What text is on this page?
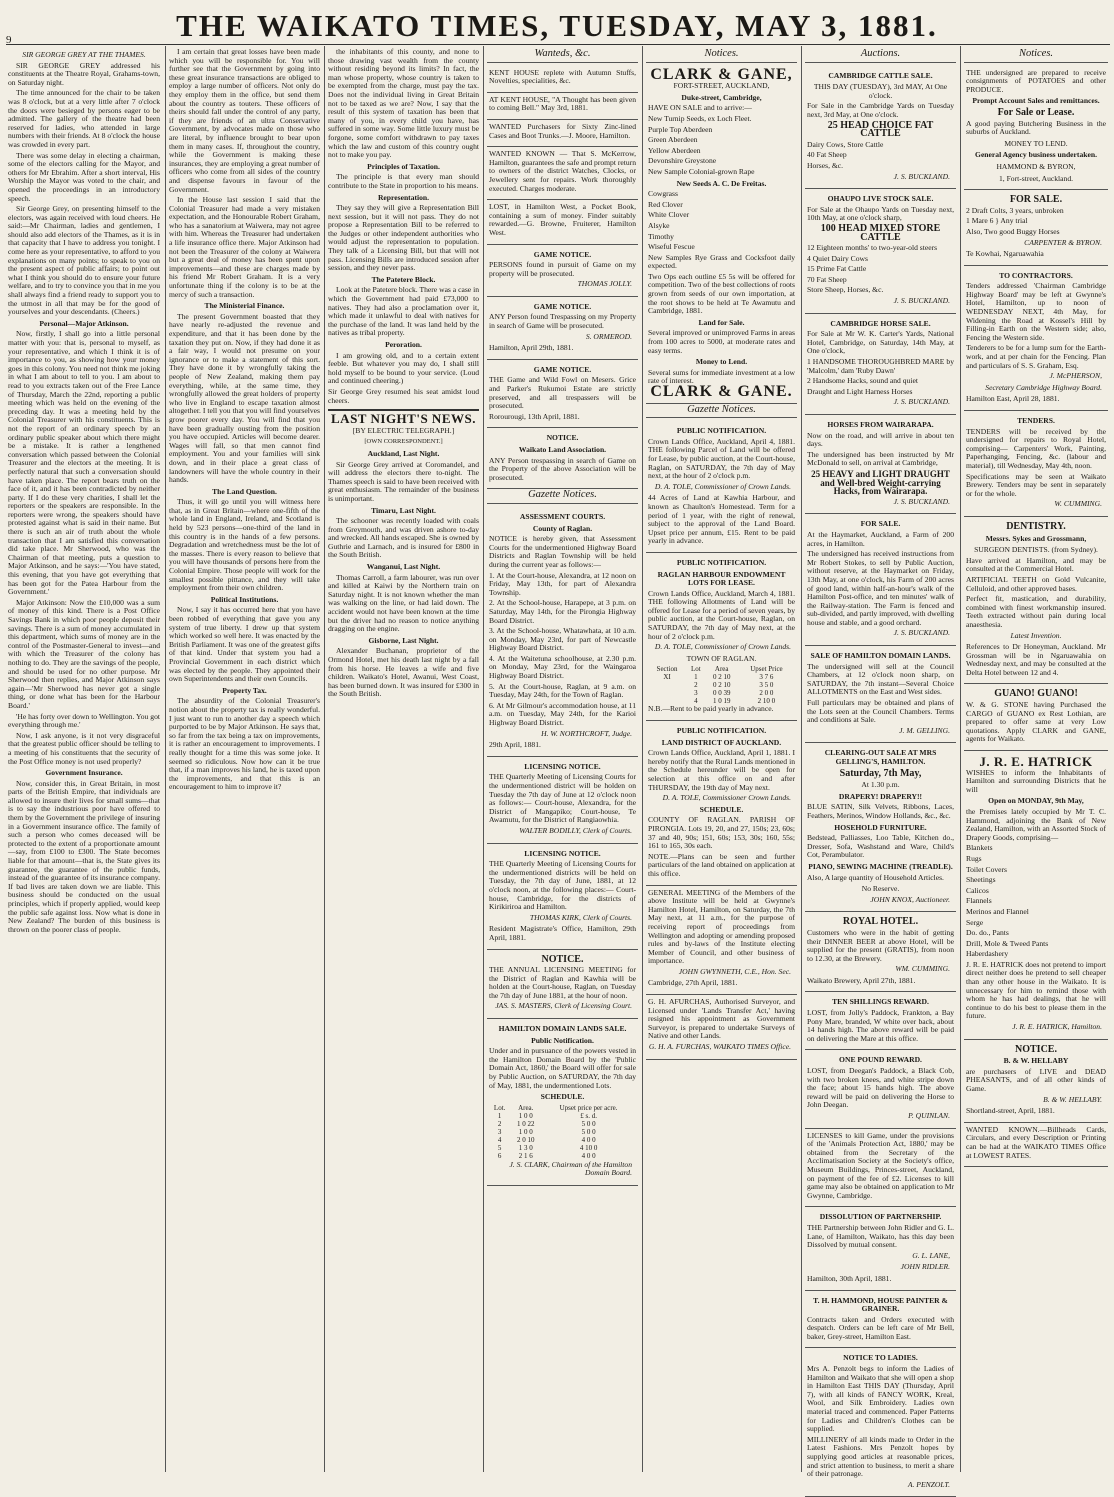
THE WAIKATO TIMES, TUESDAY, MAY 3, 1881.
9
SIR GEORGE GREY AT THE THAMES.

SIR GEORGE GREY addressed his constituents at the Theatre Royal, Grahams-town, on Saturday night.

The time announced for the chair to be taken was 8 o'clock, but at a very little after 7 o'clock the doors were besieged by persons eager to be admitted. The gallery of the theatre had been reserved for ladies, who attended in large numbers with their friends. At 8 o'clock the house was crowded in every part.

There was some delay in electing a chairman, some of the electors calling for the Mayor, and others for Mr Ebrahim. After a short interval, His Worship the Mayor was voted to the chair, and opened the proceedings in an introductory speech.

Sir George Grey, on presenting himself to the electors, was again received with loud cheers. He said:—Mr Chairman, ladies and gentlemen, I should also add electors of the Thames, as it is in that capacity that I have to address you tonight. I come here as your representative, to afford to you explanations on many points; to speak to you on the present aspect of public affairs; to point out what I think you should do to ensure your future welfare, and to try to convince you that in me you shall always find a friend ready to support you to the utmost in all that may be for the good of yourselves and your descendants. (Cheers.)

Personal—Major Atkinson.

Now, firstly, I shall go into a little personal matter with you: that is, personal to myself, as your representative, and which I think it is of importance to you, as showing how your money goes in this colony. You need not think me joking in what I am about to tell to you. I am about to read to you extracts taken out of the Free Lance of Thursday, March the 22nd, reporting a public meeting which was held on the evening of the preceding day. It was a meeting held by the Colonial Treasurer with his constituents. This is not the report of an ordinary speech by an ordinary public speaker about which there might be a mistake. It is rather a lengthened conversation which passed between the Colonial Treasurer and the electors at the meeting. It is perfectly natural that such a conversation should have taken place. The report bears truth on the face of it, and it has been contradicted by neither party. If I do these very charities, I shall let the reporters or the speakers are responsible. In the reporters were wrong, the speakers should have protested against what is said in their name. But there is such an air of truth about the whole transaction that I am satisfied this conversation did take place. Mr Sherwood, who was the Chairman of that meeting, puts a question to Major Atkinson, and he says:—'You have stated, this evening, that you have got everything that has been got for the Patea Harbour from the Government.'

Major Atkinson: Now the £10,000 was a sum of money of this kind. There is a Post Office Savings Bank in which poor people deposit their savings. There is a sum of money accumulated in this department, which sums of money are in the control of the Postmaster-General to invest—and with which the Treasurer of the colony has nothing to do. They are the savings of the people, and should be used for no other purpose. Mr Sherwood then replies, and Major Atkinson says again—'Mr Sherwood has never got a single thing, or done what has been for the Harbour Board.'

'He has forty over down to Wellington. You got everything through me.'

Now, I ask anyone, is it not very disgraceful that the greatest public officer should be telling to a meeting of his constituents that the security of the Post Office money is not used properly?

Government Insurance.

Now, consider this, in Great Britain, in most parts of the British Empire, that individuals are allowed to insure their lives for small sums—that is to say the industrious poor have offered to them by the Government the privilege of insuring in a Government insurance office. The family of such a person who comes deceased will be protected to the extent of a proportionate amount—say, from £100 to £300. The State becomes liable for that amount—that is, the State gives its guarantee, the guarantee of the public funds, instead of the guarantee of its insurance company. If bad lives are taken down we are liable. This business should be conducted on the usual principles, which if properly applied, would keep the public safe against loss. Now what is done in New Zealand? The burden of this business is thrown on the poorer class of people.

I am certain that great losses have been made which you will be responsible for. You will further see that the Government by going into these great insurance transactions are obliged to employ a large number of officers. Not only do they employ them in the office, but send them about the country as touters. These officers of theirs should fall under the control of any party, if they are friends of an ultra Conservative Government, by advocates made on those who are literal, by influence brought to bear upon them in many cases. If, throughout the country, while the Government is making these insurances, they are employing a great number of officers who come from all sides of the country and dispense favours in favour of the Government.

In the House last session I said that the Colonial Treasurer had made a very mistaken expectation, and the Honourable Robert Graham, who has a sanatorium at Waiwera, may not agree with him. Whereas the Treasurer had undertaken a life insurance office there. Major Atkinson had not been the Treasurer of the colony at Waiwera but a great deal of money has been spent upon improvements—and these are charges made by his friend Mr Robert Graham. It is a very unfortunate thing if the colony is to be at the mercy of such a transaction.

The Ministerial Finance.

The present Government boasted that they have nearly re-adjusted the revenue and expenditure, and that it has been done by the taxation they put on. Now, if they had done it as a fair way, I would not presume on your ignorance or to make a statement of this sort. They have done it by wrongfully taking the people of New Zealand, making them pay everything, while, at the same time, they wrongfully allowed the great holders of property who live in England to escape taxation almost altogether. I tell you that you will find yourselves grow poorer every day. You will find that you have been gradually ousting from the position you have occupied. Articles will become dearer. Wages will fall, so that men cannot find employment. You and your families will sink down, and in their place a great class of landowners will have the whole country in their hands.

The Land Question.

Thus, it will go until you will witness here that, as in Great Britain—where one-fifth of the whole land in England, Ireland, and Scotland is held by 523 persons—one-third of the land in this country is in the hands of a few persons. Degradation and wretchedness must be the lot of the masses. There is every reason to believe that you will have thousands of persons here from the Colonial Empire. Those people will work for the smallest possible pittance, and they will take employment from their own children.

Political Institutions.

Now, I say it has occurred here that you have been robbed of everything that gave you any system of true liberty. I drew up that system which worked so well here. It was enacted by the British Parliament. It was one of the greatest gifts of that kind. Under that system you had a Provincial Government in each district which was elected by the people. They appointed their own Superintendents and their own Councils.

Property Tax.

The absurdity of the Colonial Treasurer's notion about the property tax is really wonderful. I just want to run to another day a speech which purported to be by Major Atkinson. He says that, so far from the tax being a tax on improvements, it is rather an encouragement to improvements. I really thought for a time this was some joke. It seemed so ridiculous. Now how can it be true that, if a man improves his land, he is taxed upon the improvements, and that this is an encouragement to him to improve it?

the inhabitants of this county, and none to those drawing vast wealth from the county without residing beyond its limits? In fact, the man whose property, whose country is taken to be exempted from the charge, must pay the tax. Does not the individual living in Great Britain not to be taxed as we are? Now, I say that the result of this system of taxation has been that many of you, in every child you have, has suffered in some way. Some little luxury must be forgone, some comfort withdrawn to pay taxes which the law and custom of this country ought not to make you pay.

Principles of Taxation.

The principle is that every man should contribute to the State in proportion to his means.

Representation.

They say they will give a Representation Bill next session, but it will not pass. They do not propose a Representation Bill to be referred to the Judges or other independent authorities who would adjust the representation to population. They talk of a Licensing Bill, but that will not pass. Licensing Bills are introduced session after session, and they never pass.

The Patetere Block.

Look at the Patetere block. There was a case in which the Government had paid £73,000 to natives. They had also a proclamation over it, which made it unlawful to deal with natives for the purchase of the land. It was land held by the natives as tribal property.

Peroration.

I am growing old, and to a certain extent feeble. But whatever you may do, I shall still hold myself to be bound to your service. (Loud and continued cheering.)

Sir George Grey resumed his seat amidst loud cheers.

LAST NIGHT'S NEWS.
[BY ELECTRIC TELEGRAPH.]
[OWN CORRESPONDENT.]
Auckland, Last Night.

Sir George Grey arrived at Coromandel, and will address the electors there to-night. The Thames speech is said to have been received with great enthusiasm. The remainder of the business is unimportant.

Timaru, Last Night.

The schooner was recently loaded with coals from Greymouth, and was driven ashore to-day and wrecked. All hands escaped. She is owned by Guthrie and Larnach, and is insured for £800 in the South British.

Wanganui, Last Night.

Thomas Carroll, a farm labourer, was run over and killed at Kaiwi by the Northern train on Saturday night. It is not known whether the man was walking on the line, or had laid down. The accident would not have been known at the time but the driver had no reason to notice anything dragging on the engine.

Gisborne, Last Night.

Alexander Buchanan, proprietor of the Ormond Hotel, met his death last night by a fall from his horse. He leaves a wife and five children. Waikato's Hotel, Awanui, West Coast, has been burned down. It was insured for £300 in the South British.

Wanteds, &c.

KENT HOUSE replete with Autumn Stuffs, Novelties, specialities, &c.

AT KENT HOUSE, "A Thought has been given to coming Bell." May 3rd, 1881.

WANTED Purchasers for Sixty Zinc-lined Cases and Boot Trunks.—J. Moore, Hamilton.

WANTED KNOWN — That S. McKerrow, Hamilton, guarantees the safe and prompt return to owners of the district Watches, Clocks, or Jewellery sent for repairs. Work thoroughly executed. Charges moderate.

LOST, in Hamilton West, a Pocket Book, containing a sum of money. Finder suitably rewarded.—G. Browne, Fruiterer, Hamilton West.

GAME NOTICE.

PERSONS found in pursuit of Game on my property will be prosecuted.

THOMAS JOLLY.
GAME NOTICE.

ANY Person found Trespassing on my Property in search of Game will be prosecuted.

S. ORMEROD.

Hamilton, April 29th, 1881.

GAME NOTICE.

THE Game and Wild Fowl on Mesers. Grice and Parker's Rukumoi Estate are strictly preserved, and all trespassers will be prosecuted.

Rorourougi, 13th April, 1881.

NOTICE.
Waikato Land Association.

ANY Person trespassing in search of Game on the Property of the above Association will be prosecuted.

Gazette Notices.
ASSESSMENT COURTS.
County of Raglan.

NOTICE is hereby given, that Assessment Courts for the undermentioned Highway Board Districts and Raglan Township will be held during the current year as follows:—

1. At the Court-house, Alexandra, at 12 noon on Friday, May 13th, for part of Alexandra Township.

2. At the School-house, Harapepe, at 3 p.m. on Saturday, May 14th, for the Pirongia Highway Board District.

3. At the School-house, Whatawhata, at 10 a.m. on Monday, May 23rd, for part of Newcastle Highway Board District.

4. At the Waitetuna schoolhouse, at 2.30 p.m. on Monday, May 23rd, for the Waingaroa Highway Board District.

5. At the Court-house, Raglan, at 9 a.m. on Tuesday, May 24th, for the Town of Raglan.

6. At Mr Gilmour's accommodation house, at 11 a.m. on Tuesday, May 24th, for the Karioi Highway Board District.

H. W. NORTHCROFT, Judge.

29th April, 1881.

LICENSING NOTICE.

THE Quarterly Meeting of Licensing Courts for the undermentioned district will be holden on Tuesday the 7th day of June at 12 o'clock noon as follows:— Court-house, Alexandra, for the District of Mangapiko; Court-house, Te Awamutu, for the District of Rangiaowhia.

WALTER BODILLY, Clerk of Courts.
LICENSING NOTICE.

THE Quarterly Meeting of Licensing Courts for the undermentioned districts will be held on Tuesday, the 7th day of June, 1881, at 12 o'clock noon, at the following places:— Court-house, Cambridge, for the districts of Kirikiriroa and Hamilton.

THOMAS KIRK, Clerk of Courts.

Resident Magistrate's Office, Hamilton, 29th April, 1881.

NOTICE.

THE ANNUAL LICENSING MEETING for the District of Raglan and Kawhia will be holden at the Court-house, Raglan, on Tuesday the 7th day of June 1881, at the hour of noon.

JAS. S. MASTERS, Clerk of Licensing Court.
HAMILTON DOMAIN LANDS SALE.
Public Notification.

Under and in pursuance of the powers vested in the Hamilton Domain Board by the 'Public Domain Act, 1860,' the Board will offer for sale by Public Auction, on SATURDAY, the 7th day of May, 1881, the undermentioned Lots.

SCHEDULE.
Lot.	Area.	Upset price per acre.
1	1 0 0	£ s. d.
2	1 0 22	5 0 0
3	1 0 0	5 0 0
4	2 0 10	4 0 0
5	1 3 0	4 10 0
6	2 1 6	4 0 0
J. S. CLARK, Chairman of the Hamilton Domain Board.
Notices.
CLARK & GANE,
FORT-STREET, AUCKLAND,
Duke-street, Cambridge,

HAVE ON SALE and to arrive:—

New Turnip Seeds, ex Loch Fleet.

Purple Top Aberdeen

Green Aberdeen

Yellow Aberdeen

Devonshire Greystone

New Sample Colonial-grown Rape

New Seeds A. C. De Freitas.

Cowgrass

Red Clover

White Clover

Alsyke

Timothy

Wiseful Fescue

New Samples Rye Grass and Cocksfoot daily expected.

Two Ops each outline £5 5s will be offered for competition. Two of the best collections of roots grown from seeds of our own importation, at the root shows to be held at Te Awamutu and Cambridge, 1881.

Land for Sale.

Several improved or unimproved Farms in areas from 100 acres to 5000, at moderate rates and easy terms.

Money to Lend.

Several sums for immediate investment at a low rate of interest.

CLARK & GANE.
Gazette Notices.
PUBLIC NOTIFICATION.

Crown Lands Office, Auckland, April 4, 1881. THE following Parcel of Land will be offered for Lease, by public auction, at the Court-house, Raglan, on SATURDAY, the 7th day of May next, at the hour of 2 o'clock p.m.

D. A. TOLE, Commissioner of Crown Lands.

44 Acres of Land at Kawhia Harbour, and known as Chaulton's Homestead. Term for a period of 1 year, with the right of renewal, subject to the approval of the Land Board. Upset price per annum, £15. Rent to be paid yearly in advance.

PUBLIC NOTIFICATION.
RAGLAN HARBOUR ENDOWMENT LOTS FOR LEASE.

Crown Lands Office, Auckland, March 4, 1881. THE following Allotments of Land will be offered for Lease for a period of seven years, by public auction, at the Court-house, Raglan, on SATURDAY, the 7th day of May next, at the hour of 2 o'clock p.m.

D. A. TOLE, Commissioner of Crown Lands.
TOWN OF RAGLAN.
Section	Lot	Area	Upset Price
XI	1	0 2 10	3 7 6
	2	0 2 10	3 5 0
	3	0 0 39	2 0 0
	4	1 0 19	2 10 0

N.B.—Rent to be paid yearly in advance.

PUBLIC NOTIFICATION.
LAND DISTRICT OF AUCKLAND.

Crown Lands Office, Auckland, April 1, 1881. I hereby notify that the Rural Lands mentioned in the Schedule hereunder will be open for selection at this office on and after THURSDAY, the 19th day of May next.

D. A. TOLE, Commissioner Crown Lands.
SCHEDULE.

COUNTY OF RAGLAN. PARISH OF PIRONGIA. Lots 19, 20, and 27, 150s; 23, 60s; 37 and 40, 90s; 151, 60s; 153, 30s; 160, 55s; 161 to 165, 30s each.

NOTE.—Plans can be seen and further particulars of the land obtained on application at this office.

GENERAL MEETING of the Members of the above Institute will be held at Gwynne's Hamilton Hotel, Hamilton, on Saturday, the 7th May next, at 11 a.m., for the purpose of receiving report of proceedings from Wellington and adopting or amending proposed rules and by-laws of the Institute electing Member of Council, and other business of importance.

JOHN GWYNNETH, C.E., Hon. Sec.

Cambridge, 27th April, 1881.

G. H. AFURCHAS, Authorised Surveyor, and Licensed under 'Lands Transfer Act,' having resigned his appointment as Government Surveyor, is prepared to undertake Surveys of Native and other Lands.

G. H. A. FURCHAS, WAIKATO TIMES Office.
Auctions.
CAMBRIDGE CATTLE SALE.
THIS DAY (TUESDAY), 3rd MAY, At One o'clock.

For Sale in the Cambridge Yards on Tuesday next, 3rd May, at One o'clock.

25 HEAD CHOICE FAT CATTLE

Dairy Cows, Store Cattle

40 Fat Sheep

Horses, &c.

J. S. BUCKLAND.
OHAUPO LIVE STOCK SALE.

For Sale at the Ohaupo Yards on Tuesday next, 10th May, at one o'clock sharp,

100 HEAD MIXED STORE CATTLE

12 Eighteen months' to two-year-old steers

4 Quiet Dairy Cows

15 Prime Fat Cattle

70 Fat Sheep

Store Sheep, Horses, &c.

J. S. BUCKLAND.
CAMBRIDGE HORSE SALE.

For Sale at Mr W. K. Carter's Yards, National Hotel, Cambridge, on Saturday, 14th May, at One o'clock,

1 HANDSOME THOROUGHBRED MARE by 'Malcolm,' dam 'Ruby Dawn'

2 Handsome Hacks, sound and quiet

Draught and Light Harness Horses

J. S. BUCKLAND.
HORSES FROM WAIRARAPA.

Now on the road, and will arrive in about ten days.

The undersigned has been instructed by Mr McDonald to sell, on arrival at Cambridge,

25 HEAVY and LIGHT DRAUGHT and Well-bred Weight-carrying Hacks, from Wairarapa.
J. S. BUCKLAND.
FOR SALE.

At the Haymarket, Auckland, a Farm of 200 acres, in Hamilton.

The undersigned has received instructions from Mr Robert Stokes, to sell by Public Auction, without reserve, at the Haymarket on Friday, 13th May, at one o'clock, his Farm of 200 acres of good land, within half-an-hour's walk of the Hamilton Post-office, and ten minutes' walk of the Railway-station. The Farm is fenced and sub-divided, and partly improved, with dwelling house and stable, and a good orchard.

J. S. BUCKLAND.
SALE OF HAMILTON DOMAIN LANDS.

The undersigned will sell at the Council Chambers, at 12 o'clock noon sharp, on SATURDAY, the 7th instant—Several Choice ALLOTMENTS on the East and West sides.

Full particulars may be obtained and plans of the Lots seen at the Council Chambers. Terms and conditions at Sale.

J. M. GELLING.
CLEARING-OUT SALE AT MRS GELLING'S, HAMILTON.
Saturday, 7th May,
At 1.30 p.m.
DRAPERY! DRAPERY!!

BLUE SATIN, Silk Velvets, Ribbons, Laces, Feathers, Merinos, Window Hollands, &c., &c.

HOSEHOLD FURNITURE.

Bedstead, Palliasses, Loo Table, Kitchen do., Dresser, Sofa, Washstand and Ware, Child's Cot, Perambulator.

PIANO, SEWING MACHINE (TREADLE).

Also, A large quantity of Household Articles.

No Reserve.
JOHN KNOX, Auctioneer.
ROYAL HOTEL.

Customers who were in the habit of getting their DINNER BEER at above Hotel, will be supplied for the present (GRATIS), from noon to 12.30, at the Brewery.

WM. CUMMING.

Waikato Brewery, April 27th, 1881.

TEN SHILLINGS REWARD.

LOST, from Jolly's Paddock, Frankton, a Bay Pony Mare, branded, W white over back, about 14 hands high. The above reward will be paid on delivering the Mare at this office.

ONE POUND REWARD.

LOST, from Deegan's Paddock, a Black Cob, with two broken knees, and white stripe down the face; about 15 hands high. The above reward will be paid on delivering the Horse to John Deegan.

P. QUINLAN.

LICENSES to kill Game, under the provisions of the 'Animals Protection Act, 1880,' may be obtained from the Secretary of the Acclimatisation Society at the Society's office, Museum Buildings, Princes-street, Auckland, on payment of the fee of £2. Licenses to kill game may also be obtained on application to Mr Gwynne, Cambridge.

DISSOLUTION OF PARTNERSHIP.

THE Partnership between John Ridler and G. L. Lane, of Hamilton, Waikato, has this day been Dissolved by mutual consent.

G. L. LANE,
JOHN RIDLER.

Hamilton, 30th April, 1881.

T. H. HAMMOND, HOUSE PAINTER & GRAINER.

Contracts taken and Orders executed with despatch. Orders can be left care of Mr Bell, baker, Grey-street, Hamilton East.

NOTICE TO LADIES.

Mrs A. Penzolt begs to inform the Ladies of Hamilton and Waikato that she will open a shop in Hamilton East THIS DAY (Thursday, April 7), with all kinds of FANCY WORK, Kreal, Wool, and Silk Embroidery. Ladies own material traced and commenced. Paper Patterns for Ladies and Children's Clothes can be supplied.

MILLINERY of all kinds made to Order in the Latest Fashions. Mrs Penzolt hopes by supplying good articles at reasonable prices, and strict attention to business, to merit a share of their patronage.

A. PENZOLT.
Notices.

THE undersigned are prepared to receive consignments of POTATOES and other PRODUCE.

Prompt Account Sales and remittances.
For Sale or Lease.

A good paying Butchering Business in the suburbs of Auckland.

MONEY TO LEND.
General Agency business undertaken.
HAMMOND & BYRON,
1, Fort-street, Auckland.
FOR SALE.

2 Draft Colts, 3 years, unbroken

1 Mare 6 } Any trial

Also, Two good Buggy Horses

CARPENTER & BYRON.

Te Kowhai, Ngaruawahia

TO CONTRACTORS.

Tenders addressed 'Chairman Cambridge Highway Board' may be left at Gwynne's Hotel, Hamilton, up to noon of WEDNESDAY NEXT, 4th May, for Widening the Road at Kossel's Hill by Filling-in Earth on the Western side; also, Fencing the Western side.

Tenderers to be for a lump sum for the Earth-work, and at per chain for the Fencing. Plan and particulars of S. S. Graham, Esq.

J. McPHERSON,
Secretary Cambridge Highway Board.

Hamilton East, April 28, 1881.

TENDERS.

TENDERS will be received by the undersigned for repairs to Royal Hotel, comprising— Carpenters' Work, Painting, Paperhanging, Fencing, &c. (labour and material), till Wednesday, May 4th, noon.

Specifications may be seen at Waikato Brewery. Tenders may be sent in separately or for the whole.

W. CUMMING.
DENTISTRY.
Messrs. Sykes and Grossmann,
SURGEON DENTISTS. (from Sydney).

Have arrived at Hamilton, and may be consulted at the Commercial Hotel.

ARTIFICIAL TEETH on Gold Vulcanite, Celluloid, and other approved bases.

Perfect fit, mastication, and durability, combined with finest workmanship insured. Teeth extracted without pain during local anaesthesia.

Latest Invention.

References to Dr Honeyman, Auckland. Mr Grossman will be in Ngaruawahia on Wednesday next, and may be consulted at the Delta Hotel between 12 and 4.

GUANO! GUANO!

W. & G. STONE having Purchased the CARGO of GUANO ex Rest Lothian, are prepared to offer same at very Low quotations. Apply CLARK and GANE, agents for Waikato.

J. R. E. HATRICK

WISHES to inform the Inhabitants of Hamilton and surrounding Districts that he will

Open on MONDAY, 9th May,

the Premises lately occupied by Mr T. C. Hammond, adjoining the Bank of New Zealand, Hamilton, with an Assorted Stock of Drapery Goods, comprising—

Blankets

Rugs

Toilet Covers

Sheetings

Calicos

Flannels

Merinos and Flannel

Serge

Do. do., Pants

Drill, Mole & Tweed Pants

Haberdashery

J. R. E. HATRICK does not pretend to import direct neither does he pretend to sell cheaper than any other house in the Waikato. It is unnecessary for him to remind those with whom he has had dealings, that he will continue to do his best to please them in the future.

J. R. E. HATRICK, Hamilton.
NOTICE.
B. & W. HELLABY

are purchasers of LIVE and DEAD PHEASANTS, and of all other kinds of Game.

B. & W. HELLABY.

Shortland-street, April, 1881.

WANTED KNOWN.—Billheads Cards, Circulars, and every Description or Printing can be had at the WAIKATO TIMES Office at LOWEST RATES.
